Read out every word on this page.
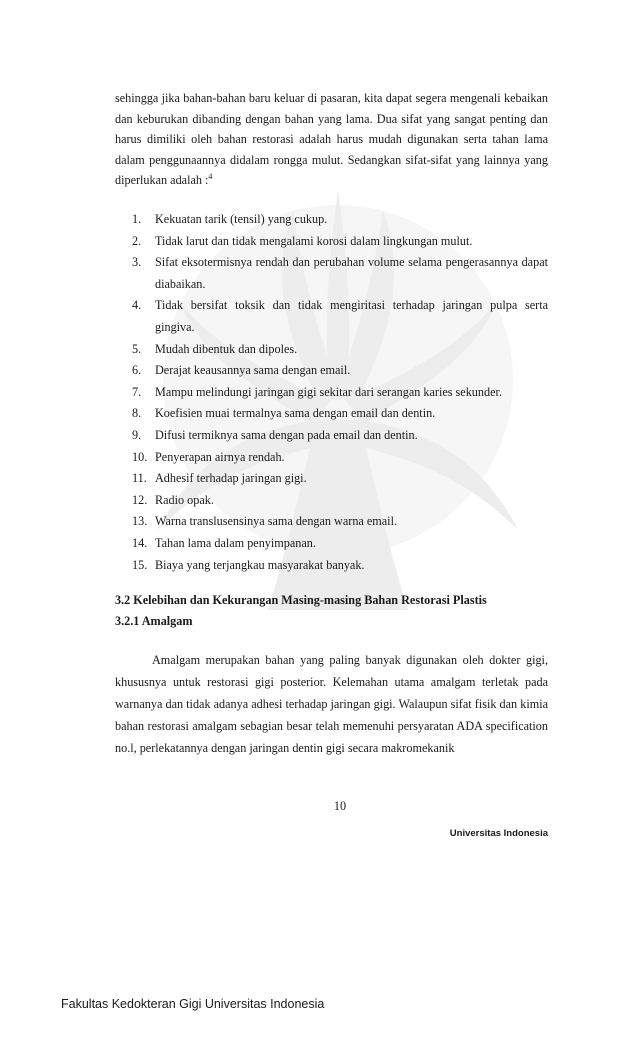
sehingga jika bahan-bahan baru keluar di pasaran, kita dapat segera mengenali kebaikan dan keburukan dibanding dengan bahan yang lama. Dua sifat yang sangat penting dan harus dimiliki oleh bahan restorasi adalah harus mudah digunakan serta tahan lama dalam penggunaannya didalam rongga mulut. Sedangkan sifat-sifat yang lainnya yang diperlukan adalah :$^4$

1. Kekuatan tarik (tensil) yang cukup.
2. Tidak larut dan tidak mengalami korosi dalam lingkungan mulut.
3. Sifat eksotermisnya rendah dan perubahan volume selama pengerasannya dapat diabaikan.
4. Tidak bersifat toksik dan tidak mengiritasi terhadap jaringan pulpa serta gingiva.
5. Mudah dibentuk dan dipoles.
6. Derajat keausannya sama dengan email.
7. Mampu melindungi jaringan gigi sekitar dari serangan karies sekunder.
8. Koefisien muai termalnya sama dengan email dan dentin.
9. Difusi termiknya sama dengan pada email dan dentin.
10. Penyerapan airnya rendah.
11. Adhesif terhadap jaringan gigi.
12. Radio opak.
13. Warna translusensinya sama dengan warna email.
14. Tahan lama dalam penyimpanan.
15. Biaya yang terjangkau masyarakat banyak.
3.2 Kelebihan dan Kekurangan Masing-masing Bahan Restorasi Plastis
3.2.1 Amalgam

Amalgam merupakan bahan yang paling banyak digunakan oleh dokter gigi, khususnya untuk restorasi gigi posterior. Kelemahan utama amalgam terletak pada warnanya dan tidak adanya adhesi terhadap jaringan gigi. Walaupun sifat fisik dan kimia bahan restorasi amalgam sebagian besar telah memenuhi persyaratan ADA specification no.l, perlekatannya dengan jaringan dentin gigi secara makromekanik

10
Universitas Indonesia
Fakultas Kedokteran Gigi Universitas Indonesia
